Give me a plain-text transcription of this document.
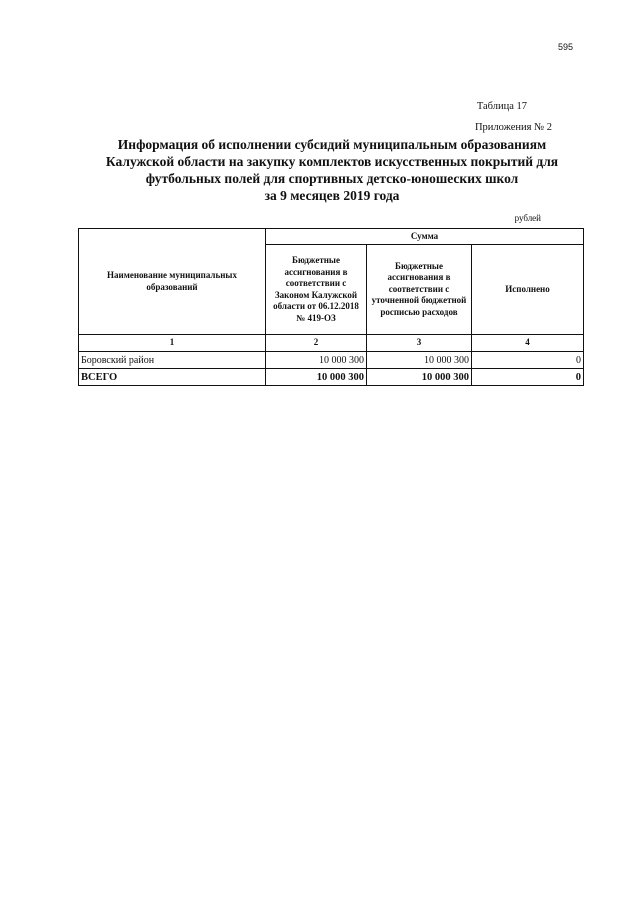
595
Таблица 17
Приложения № 2
Информация об исполнении субсидий муниципальным образованиям
Калужской области на закупку комплектов искусственных покрытий для
футбольных полей для спортивных детско-юношеских школ
за 9 месяцев 2019 года
рублей
Наименование муниципальных образований	Сумма		
	Бюджетные ассигнования в соответствии с Законом Калужской области от 06.12.2018 № 419-ОЗ	Бюджетные ассигнования в соответствии с уточненной бюджетной росписью расходов	Исполнено
1	2	3	4
Боровский район	10 000 300	10 000 300	0
ВСЕГО	10 000 300	10 000 300	0
